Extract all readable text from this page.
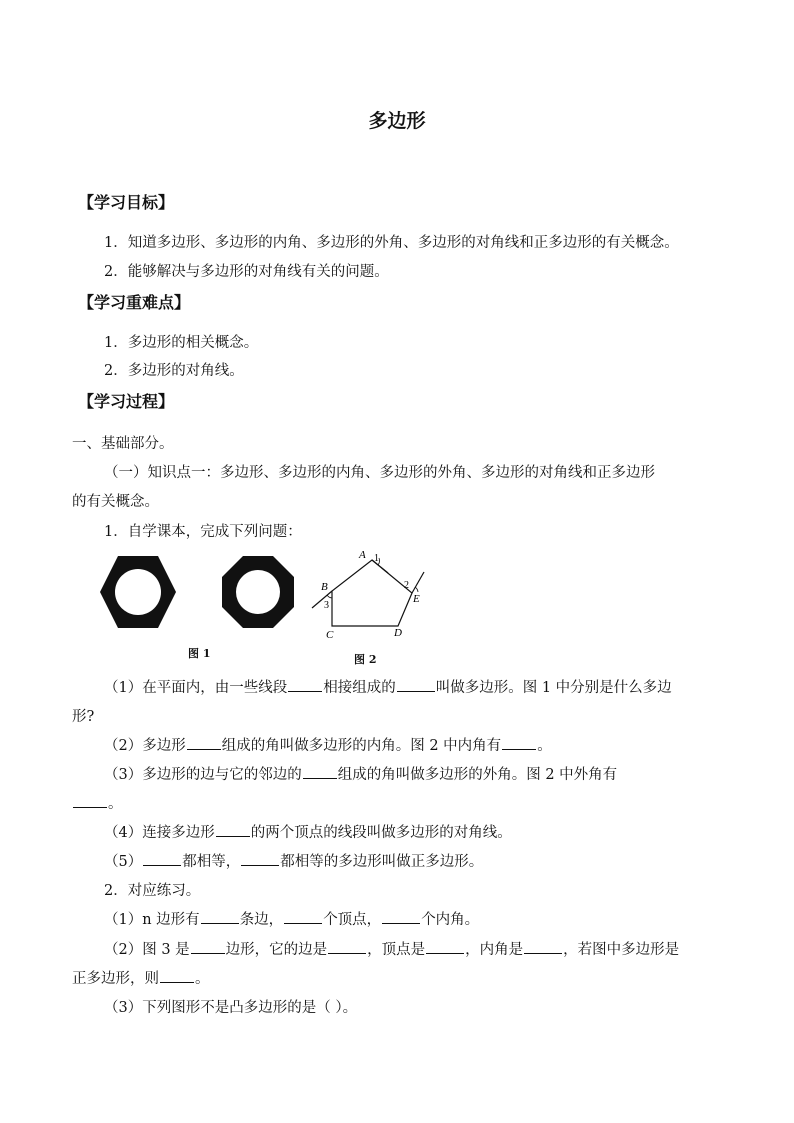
多边形
【学习目标】
1．知道多边形、多边形的内角、多边形的外角、多边形的对角线和正多边形的有关概念。
2．能够解决与多边形的对角线有关的问题。
【学习重难点】
1．多边形的相关概念。
2．多边形的对角线。
【学习过程】
一、基础部分。
（一）知识点一：多边形、多边形的内角、多边形的外角、多边形的对角线和正多边形
的有关概念。
1．自学课本，完成下列问题：
图 1
A 1
2
E
B
3
C	D
图 2
（1）在平面内，由一些线段 相接组成的	叫做多边形。图 1 中分别是什么多边
形?
（2）多边形 组成的角叫做多边形的内角。图 2 中内角有 。
（3）多边形的边与它的邻边的 组成的角叫做多边形的外角。图 2 中外角有
。
（4）连接多边形 的两个顶点的线段叫做多边形的对角线。
（5）	都相等，	都相等的多边形叫做正多边形。
2．对应练习。
（1）n 边形有	条边，	个顶点，	个内角。
（2）图 3 是 边形，它的边是	，顶点是	，内角是	，若图中多边形是
正多边形，则 。
（3）下列图形不是凸多边形的是（ ）。
